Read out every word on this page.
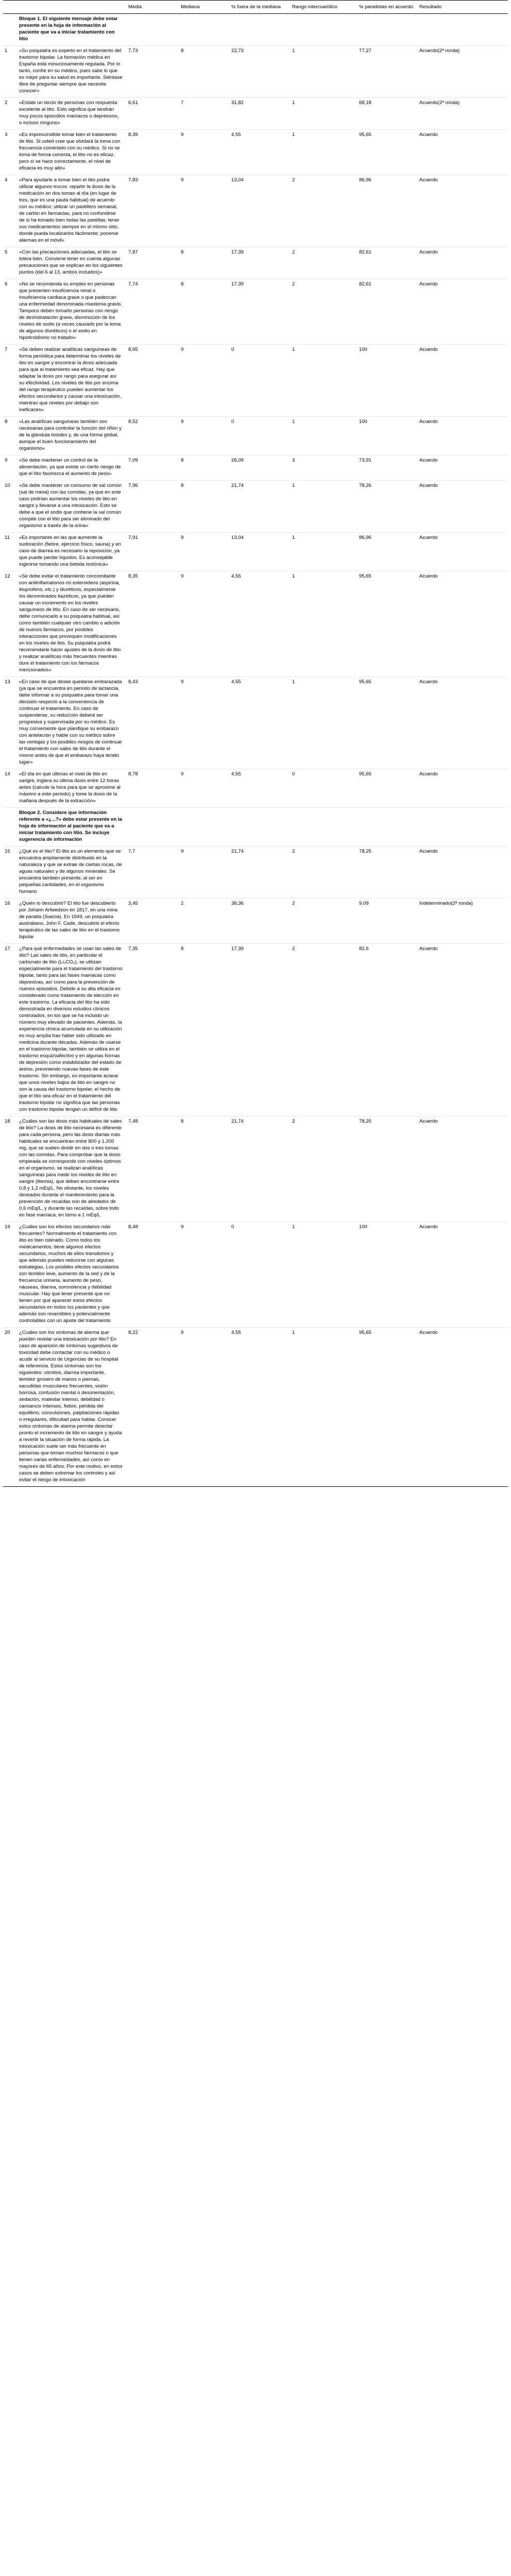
		Media	Mediana	% fuera de la mediana	Rango intercuartílico	% panelistas en acuerdo	Resultado
	Bloque 1. El siguiente mensaje debe estar presente en la hoja de información al paciente que va a iniciar tratamiento con litio						
1	«Su psiquiatra es experto en el tratamiento del trastorno bipolar. La formación médica en España está minuciosamente regulada. Por lo tanto, confíe en su médico, pues sabe lo que es mejor para su salud es importante. Siéntase libre de preguntar siempre que necesite conocer»	7,73	8	22,73	1	77,27	Acuerdo(2ª ronda)
2	«Estate un tercio de personas con respuesta excelente al litio. Esto significa que tendrán muy pocos episodios maníacos o depresivos, o incluso ninguno»	6,61	7	31,82	1	68,18	Acuerdo(2ª ronda)
3	«Es imprescindible tomar bien el tratamiento de litio. Si usted cree que olvidará la toma con frecuencia coméntelo con su médico. Si no se toma de forma correcta, el litio no es eficaz, pero sí se hace correctamente, el nivel de eficacia es muy alto»	8,39	9	4,55	1	95,65	Acuerdo
4	«Para ayudarle a tomar bien el litio podrá utilizar algunos trucos: repartir la dosis de la medicación en dos tomas al día (en lugar de tres, que es una pauta habitual) de acuerdo con su médico; utilizar un pastillero semanal, de cartón en farmacias, para no confundirse de si ha tomado bien todas las pastillas; tener sus medicamentos siempre en el mismo sitio, donde pueda localizarlos fácilmente; ponerse alarmas en el móvil»	7,83	9	13,04	2	86,96	Acuerdo
5	«Con las precauciones adecuadas, el litio se tolera bien. Conviene tener en cuenta algunas precauciones que se explican en los siguientes puntos (del 6 al 13, ambos incluidos)»	7,87	8	17,39	2	82,61	Acuerdo
6	«No se recomienda su empleo en personas que presenten insuficiencia renal o insuficiencia cardiaca grave o que padezcan una enfermedad denominada miastenia gravis. Tampoco deben tomarlo personas con riesgo de deshidratación grave, disminución de los niveles de sodio (a veces causado por la toma de algunos diuréticos) o el sodio en hipotiroidismo no tratado»	7,74	8	17,39	2	82,61	Acuerdo
7	«Se deben realizar analíticas sanguíneas de forma periódica para determinar los niveles de litio en sangre y encontrar la dosis adecuada para que el tratamiento sea eficaz. Hay que adaptar la dosis por rango para asegurar así su efectividad. Los niveles de litio por encima del rango terapéutico pueden aumentar los efectos secundarios y causar una intoxicación, mientras que niveles por debajo son ineficaces»	8,65	9	0	1	100	Acuerdo
8	«Las analíticas sanguíneas también son necesarias para controlar la función del riñón y de la glándula tiroides y, de una forma global, aunque el buen funcionamiento del organismo»	8,52	9	0	1	100	Acuerdo
9	«Se debe mantener un control de la alimentación, ya que existe un cierto riesgo de que el litio favorezca el aumento de peso»	7,09	8	26,09	3	73,91	Acuerdo
10	«Se debe mantener un consumo de sal común (sal de mesa) con las comidas, ya que en este caso podrían aumentar los niveles de litio en sangre y llevarse a una intoxicación. Esto se debe a que el sodio que contiene la sal común compite con el litio para ser eliminado del organismo a través de la orina»	7,96	8	21,74	1	78,26	Acuerdo
11	«Es importante en las que aumente la sudoración (fiebre, ejercicio físico, sauna) y en caso de diarrea es necesario la reposición, ya que puede perder líquidos. Es aconsejable ingerirse tomando una bebida isotónica»	7,91	9	13,04	1	86,96	Acuerdo
12	«Se debe evitar el tratamiento concomitante con antiinflamatorios no esteroideos (aspirina, ibuprofeno, etc.) y diuréticos, especialmente los denominados tiazídicos, ya que pueden causar un incremento en los niveles sanguíneos de litio. En caso de ser necesario, debe comunicarlo a su psiquiatra habitual, así como también cualquier otro cambio o adición de nuevos fármacos, por posibles interacciones que provoquen modificaciones en los niveles de litio. Su psiquiatra podrá recomendarle hacer ajustes de la dosis de litio y realizar analíticas más frecuentes mientras dure el tratamiento con los fármacos mencionados»	8,35	9	4,55	1	95,65	Acuerdo
13	«En caso de que desee quedarse embarazada (ya que se encuentra en periodo de lactancia, debe informar a su psiquiatra para tomar una decisión respecto a la conveniencia de continuar el tratamiento. En caso de suspenderse, su reducción deberá ser progresiva y supervisada por su médico. Es muy conveniente que planifique su embarazo con antelación y hable con su médico sobre las ventajas y los posibles riesgos de continuar el tratamiento con sales de litio durante el mismo antes de que el embarazo haya tenido lugar»	8,43	9	4,55	1	95,65	Acuerdo
14	«El día en que últimas el nivel de litio en sangre, ingiera su última dosis entre 12 horas antes (calcule la hora para que se aproxime al máximo a este periodo) y tome la dosis de la mañana después de la extracción»	8,78	9	4,55	0	95,65	Acuerdo
	Bloque 2. Considere que información referente a «¿...?» debe estar presente en la hoja de información al paciente que va a iniciar tratamiento con litio. Se incluye sugerencia de información						
15	¿Qué es el litio? El litio es un elemento que se encuentra ampliamente distribuido en la naturaleza y que se extrae de ciertas rocas, de aguas naturales y de algunos minerales. Se encuentra también presente, al ser en pequeñas cantidades, en el organismo humano	7,7	9	21,74	2	78,25	Acuerdo
16	¿Quién lo descubrió? El litio fue descubierto por Johann Arfwedson en 1817, en una mina de parada (Suecia). En 1949, un psiquiatra australiano, John F. Cade, descubrió el efecto terapéutico de las sales de litio en el trastorno bipolar	3,45	2	36,36	2	9,09	Indeterminado(2ª ronda)
17	¿Para qué enfermedades se usan las sales de litio? Las sales de litio, en particular el carbonato de litio (Li₂CO₃), se utilizan especialmente para el tratamiento del trastorno bipolar, tanto para las fases maníacas como depresivas, así como para la prevención de nuevos episodios. Debido a su alta eficacia es considerado como tratamiento de elección en este trastorno. La eficacia del litio ha sido demostrada en diversos estudios clínicos controlados, en los que se ha incluido un número muy elevado de pacientes. Además, la experiencia clínica acumulada en su utilización es muy amplia tras haber sido utilizado en medicina durante décadas. Además de usarse en el trastorno bipolar, también se utiliza en el trastorno esquizoafectivo y en algunas formas de depresión como estabilizador del estado de ánimo, previniendo nuevas fases de este trastorno. Sin embargo, es importante aclarar que unos niveles bajos de litio en sangre no son la causa del trastorno bipolar; el hecho de que el litio sea eficaz en el tratamiento del trastorno bipolar no significa que las personas con trastorno bipolar tengan un déficit de litio	7,35	8	17,39	2	82,6	Acuerdo
18	¿Cuáles son las dosis más habituales de sales de litio? La dosis de litio necesaria es diferente para cada persona, pero las dosis diarias más habituales se encuentran entre 800 y 1.200 mg, que se suelen dividir en dos o tres tomas con las comidas. Para comprobar que la dosis empleada se corresponde con niveles óptimos en el organismo, se realizan analíticas sanguíneas para medir los niveles de litio en sangre (litemia), que deben encontrarse entre 0,8 y 1,2 mEq/L. No obstante, los niveles deseados durante el mantenimiento para la prevención de recaídas son de alrededor de 0,6 mEq/L, y durante las recaídas, sobre todo en fase maníaca, en torno a 1 mEq/L	7,48	8	21,74	2	78,25	Acuerdo
19	¿Cuáles son los efectos secundarios más frecuentes? Normalmente el tratamiento con litio es bien tolerado. Como todos los medicamentos, tiene algunos efectos secundarios, muchos de ellos transitorios y que además pueden reducirse con algunas estrategias. Los posibles efectos secundarios son temblor leve, aumento de la sed y de la frecuencia urinaria, aumento de peso, náuseas, diarrea, somnolencia y debilidad muscular. Hay que tener presente que no tienen por qué aparecer estos efectos secundarios en todos los pacientes y que además son reversibles y potencialmente controlables con un ajuste del tratamiento	8,48	9	0	1	100	Acuerdo
20	¿Cuáles son los síntomas de alarma que pueden revelar una intoxicación por litio? En caso de aparición de síntomas sugestivos de toxicidad debe contactar con su médico o acudir al servicio de Urgencias de su hospital de referencia. Estos síntomas son los siguientes: vómitos, diarrea importante, temblor grosero de manos o piernas, sacudidas musculares frecuentes, visión borrosa, confusión mental o desorientación, sedación, malestar intenso, debilidad o cansancio intensos, fiebre, pérdida del equilibrio, convulsiones, palpitaciones rápidas o irregulares, dificultad para hablar. Conocer estos síntomas de alarma permite detectar pronto el incremento de litio en sangre y ayuda a revertir la situación de forma rápida. La intoxicación suele ser más frecuente en personas que toman muchos fármacos o que tienen varias enfermedades, así como en mayores de 65 años. Por este motivo, en estos casos se deben extremar los controles y así evitar el riesgo de intoxicación	8,22	9	4,55	1	95,65	Acuerdo
